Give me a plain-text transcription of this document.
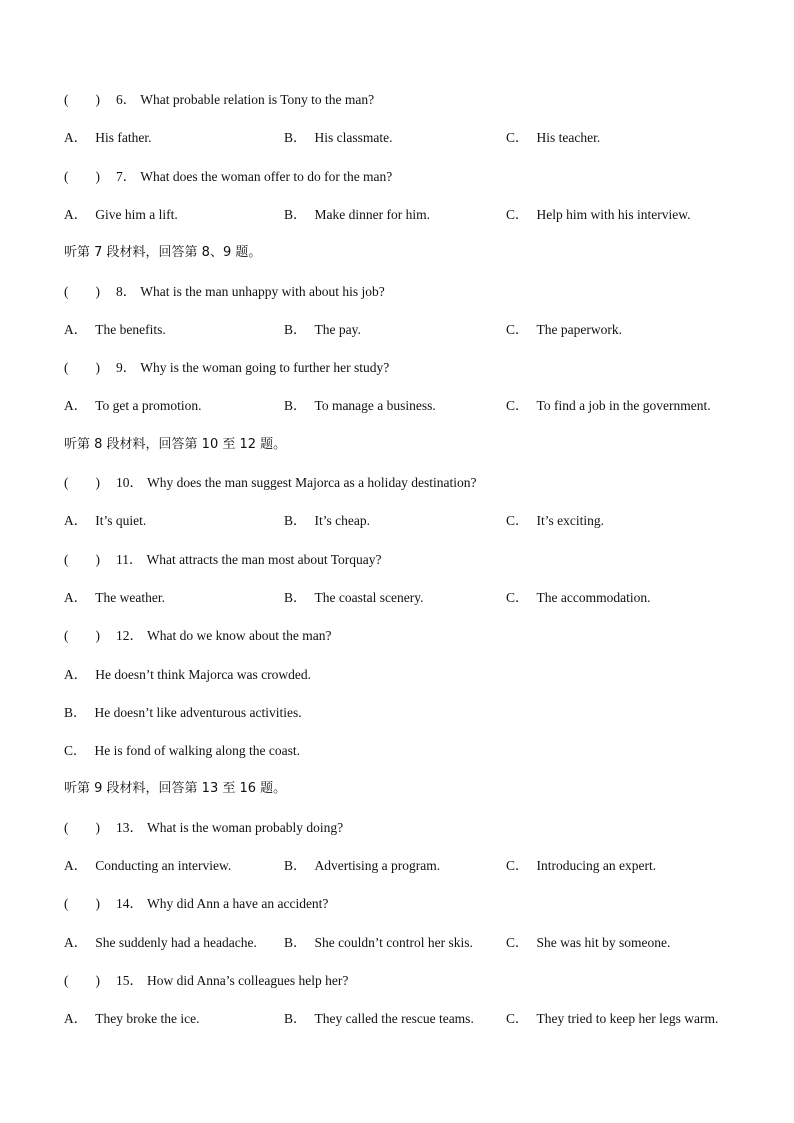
(  ) 6． What probable relation is Tony to the man?
A． His father.	B． His classmate.	C． His teacher.
(  ) 7． What does the woman offer to do for the man?
A． Give him a lift.	B． Make dinner for him.	C． Help him with his interview.
听第 7 段材料，回答第 8、9 题。
(  ) 8． What is the man unhappy with about his job?
A． The benefits.	B． The pay.	C． The paperwork.
(  ) 9． Why is the woman going to further her study?
A． To get a promotion.	B． To manage a business.	C． To find a job in the government.
听第 8 段材料，回答第 10 至 12 题。
(  ) 10． Why does the man suggest Majorca as a holiday destination?
A． It’s quiet.	B． It’s cheap.	C． It’s exciting.
(  ) 11． What attracts the man most about Torquay?
A． The weather.	B． The coastal scenery.	C． The accommodation.
(  ) 12． What do we know about the man?
A． He doesn’t think Majorca was crowded.
B． He doesn’t like adventurous activities.
C． He is fond of walking along the coast.
听第 9 段材料，回答第 13 至 16 题。
(  ) 13． What is the woman probably doing?
A． Conducting an interview.	B． Advertising a program.	C． Introducing an expert.
(  ) 14． Why did Ann a have an accident?
A． She suddenly had a headache. B． She couldn’t control her skis. C． She was hit by someone.
(  ) 15． How did Anna’s colleagues help her?
A． They broke the ice.	B． They called the rescue teams. C． They tried to keep her legs warm.
